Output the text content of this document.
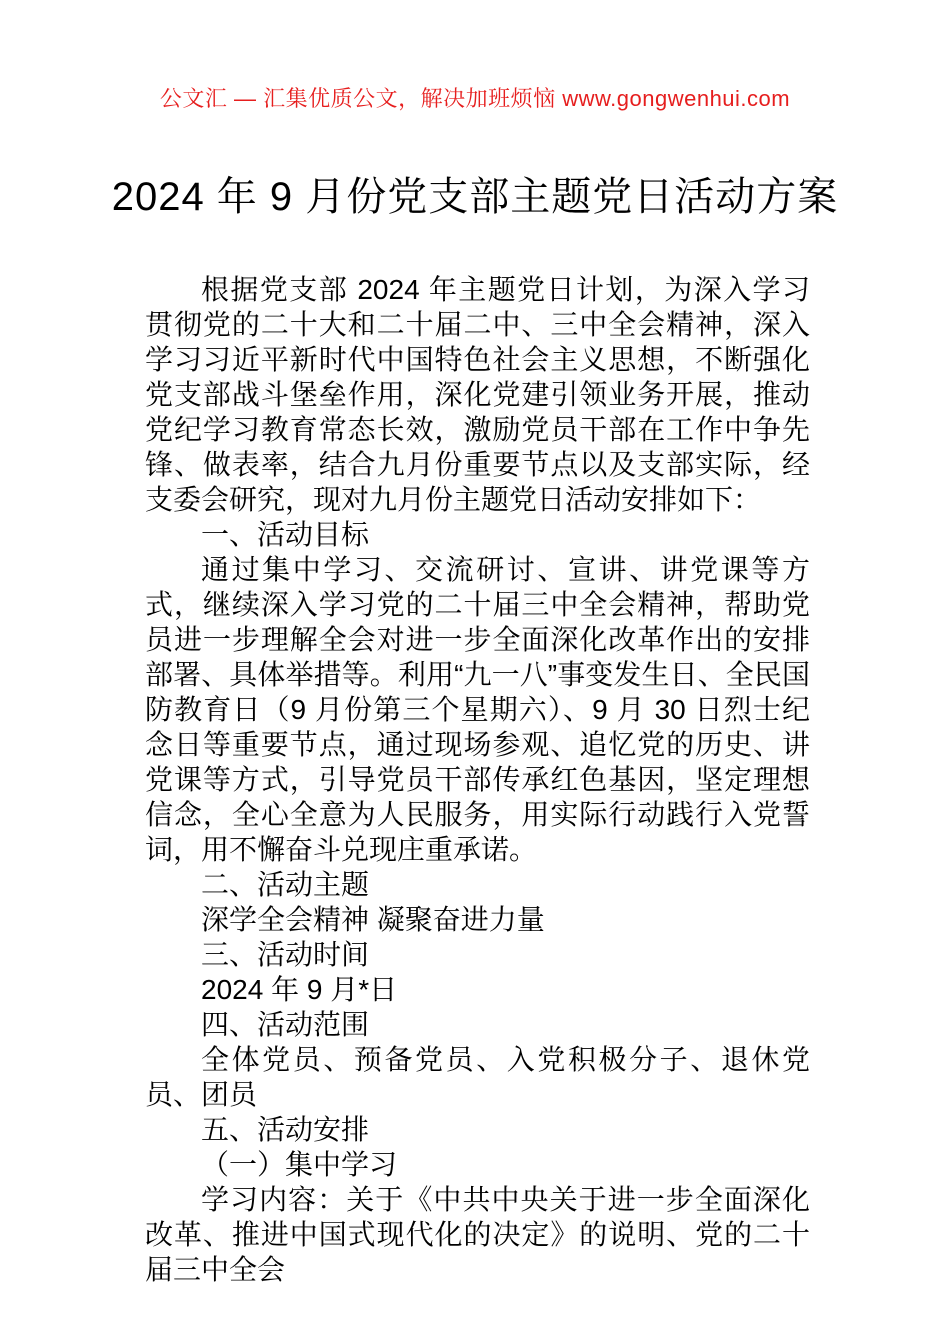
公文汇 — 汇集优质公文，解决加班烦恼 www.gongwenhui.com
2024 年 9 月份党支部主题党日活动方案

根据党支部 2024 年主题党日计划，为深入学习贯彻党的二十大和二十届二中、三中全会精神，深入学习习近平新时代中国特色社会主义思想，不断强化党支部战斗堡垒作用，深化党建引领业务开展，推动党纪学习教育常态长效，激励党员干部在工作中争先锋、做表率，结合九月份重要节点以及支部实际，经支委会研究，现对九月份主题党日活动安排如下：

一、活动目标

通过集中学习、交流研讨、宣讲、讲党课等方式，继续深入学习党的二十届三中全会精神，帮助党员进一步理解全会对进一步全面深化改革作出的安排部署、具体举措等。利用“九一八”事变发生日、全民国防教育日（9 月份第三个星期六）、9 月 30 日烈士纪念日等重要节点，通过现场参观、追忆党的历史、讲党课等方式，引导党员干部传承红色基因，坚定理想信念，全心全意为人民服务，用实际行动践行入党誓词，用不懈奋斗兑现庄重承诺。

二、活动主题

深学全会精神 凝聚奋进力量

三、活动时间

2024 年 9 月*日

四、活动范围

全体党员、预备党员、入党积极分子、退休党员、团员

五、活动安排

（一）集中学习

学习内容：关于《中共中央关于进一步全面深化改革、推进中国式现代化的决定》的说明、党的二十届三中全会
